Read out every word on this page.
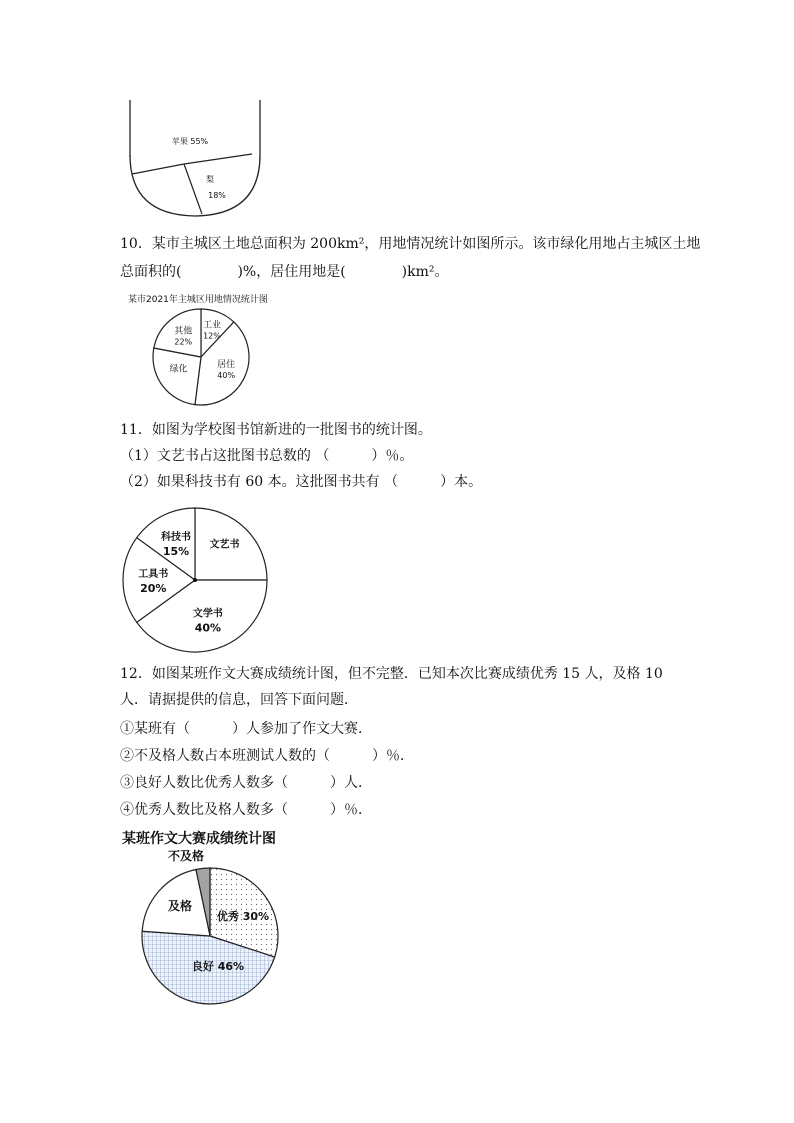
苹果 55%
梨
18%
10．某市主城区土地总面积为 200km²，用地情况统计如图所示。该市绿化用地占主城区土地
总面积的(　　　　)%，居住用地是(　　　　)km²。
某市2021年主城区用地情况统计图
工业
12%
居住
40%
绿化
其他
22%
11．如图为学校图书馆新进的一批图书的统计图。
（1）文艺书占这批图书总数的 （　　　）％。
（2）如果科技书有 60 本。这批图书共有 （　　　）本。
文艺书
文学书
40%
工具书
20%
科技书
15%
12．如图某班作文大赛成绩统计图，但不完整．已知本次比赛成绩优秀 15 人，及格 10
人．请据提供的信息，回答下面问题．
①某班有（　　　）人参加了作文大赛．
②不及格人数占本班测试人数的（　　　）％．
③良好人数比优秀人数多（　　　）人．
④优秀人数比及格人数多（　　　）％．
某班作文大赛成绩统计图
不及格
优秀 30%
良好 46%
及格
